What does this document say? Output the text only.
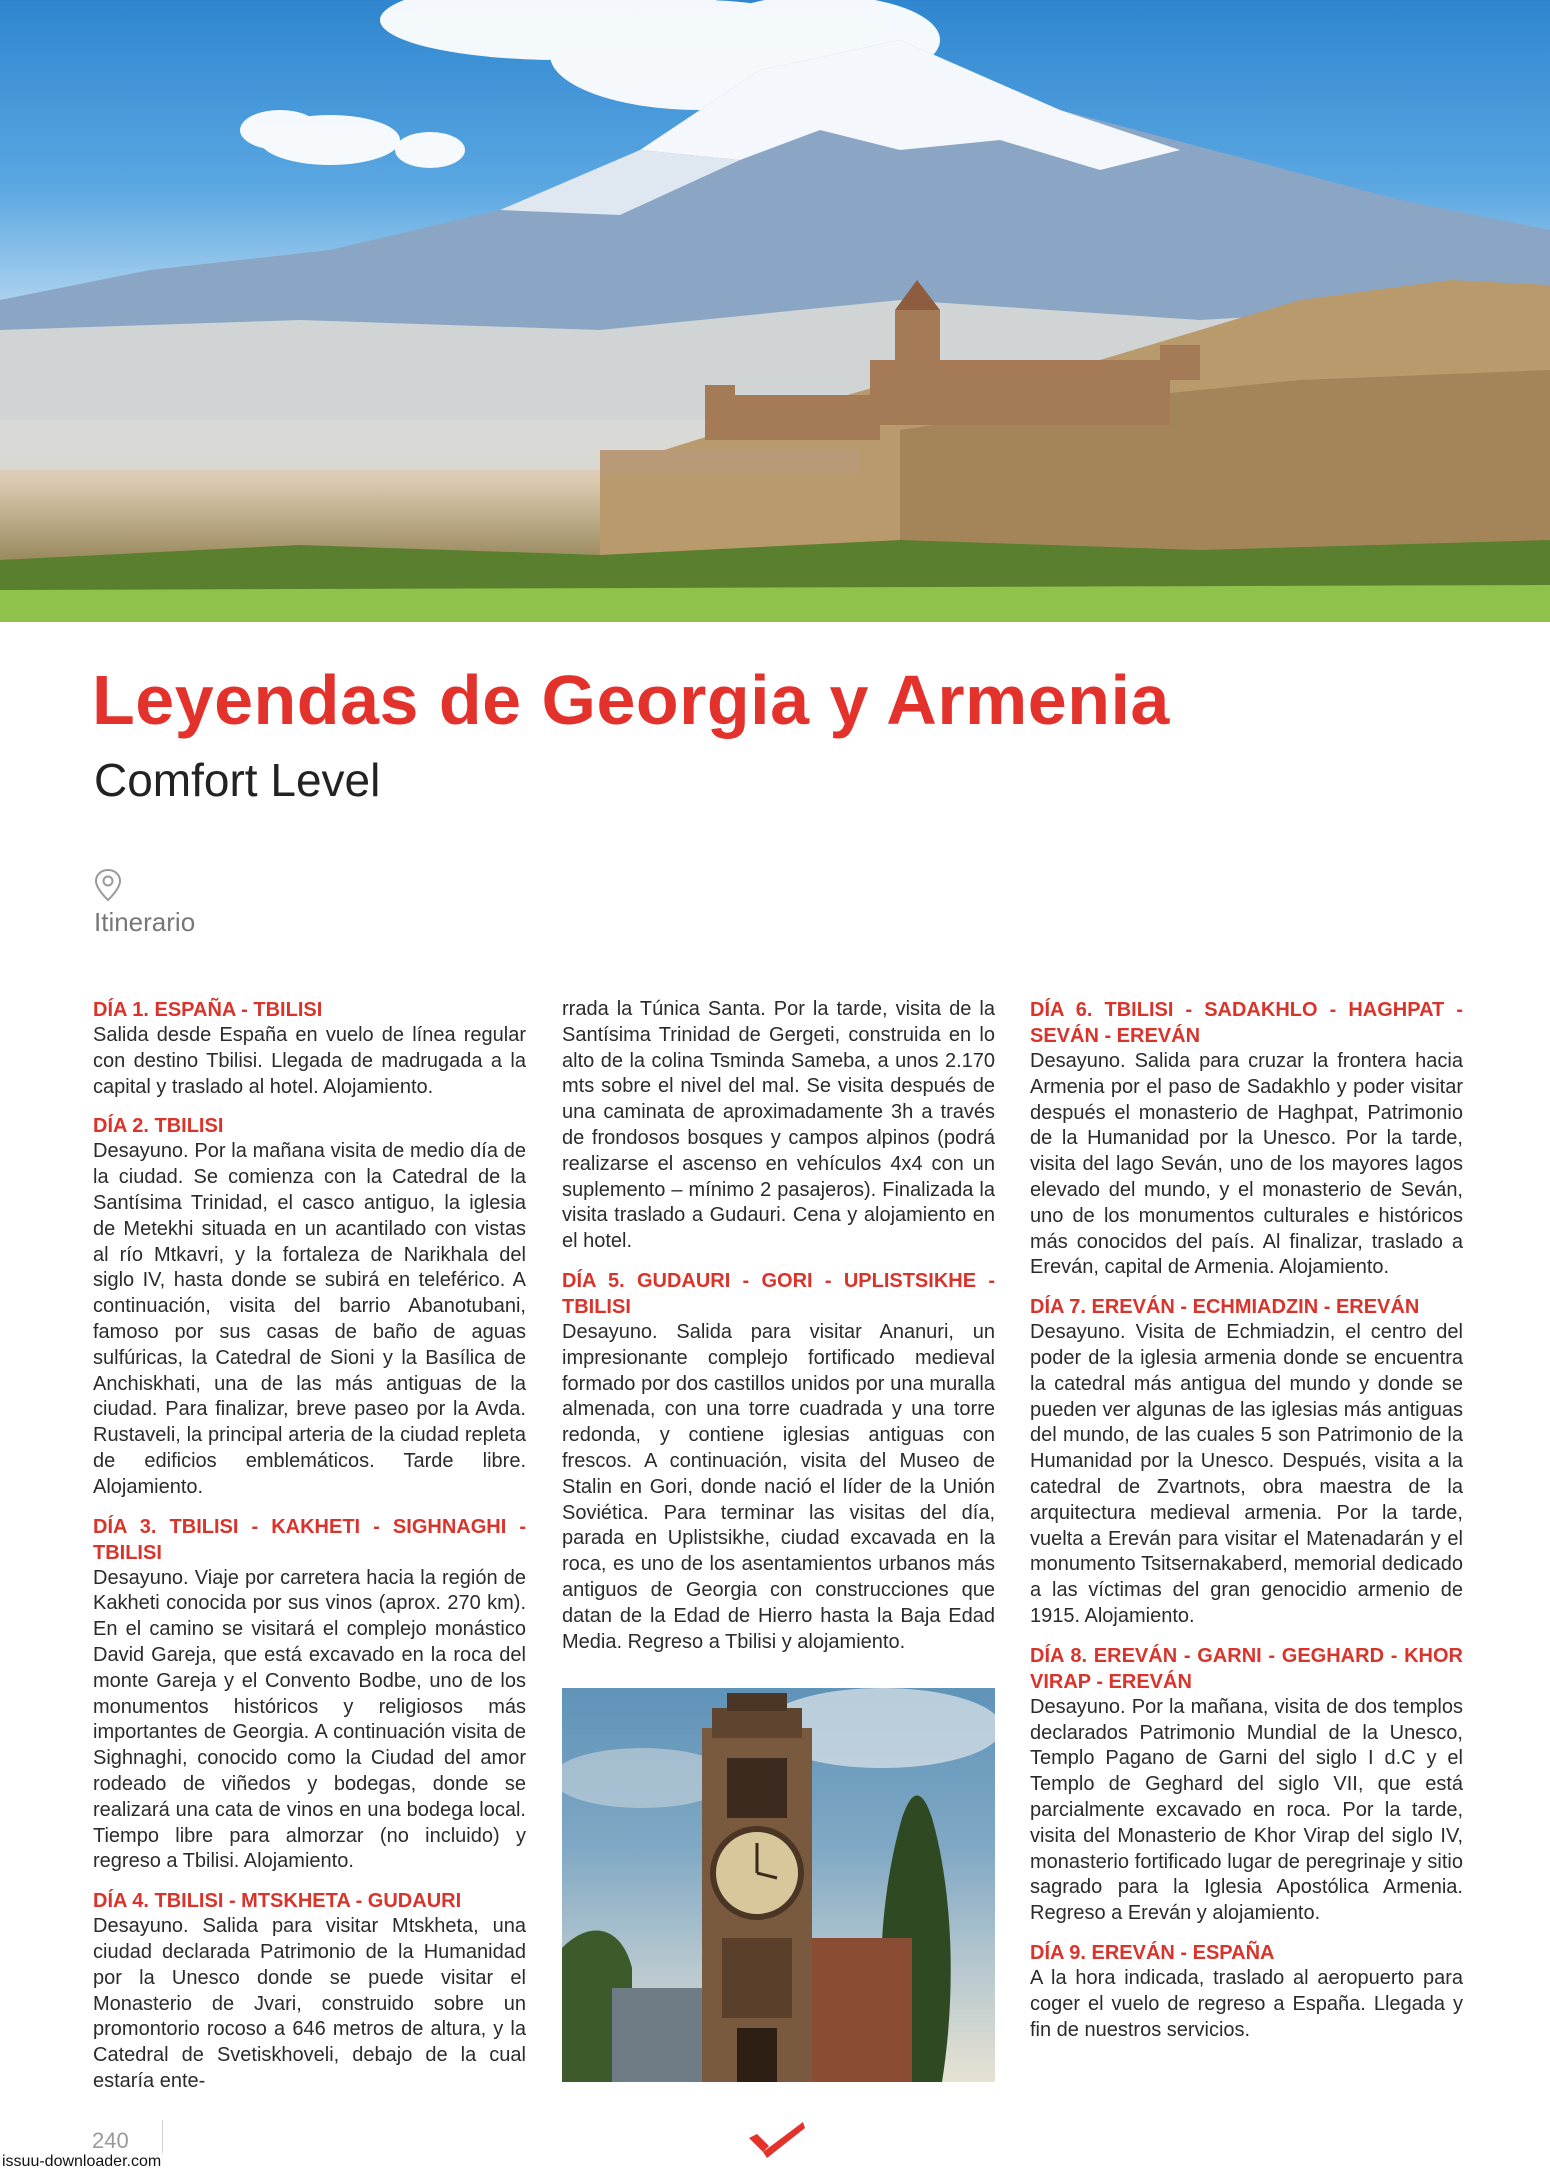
Leyendas de Georgia y Armenia
Comfort Level
Itinerario
DÍA 1. ESPAÑA - TBILISI
Salida desde España en vuelo de línea regular con destino Tbilisi. Llegada de madrugada a la capital y traslado al hotel. Alojamiento.
DÍA 2. TBILISI
Desayuno. Por la mañana visita de medio día de la ciudad. Se comienza con la Catedral de la Santísima Trinidad, el casco antiguo, la iglesia de Metekhi situada en un acantilado con vistas al río Mtkavri, y la fortaleza de Narikhala del siglo IV, hasta donde se subirá en teleférico. A continuación, visita del barrio Abanotubani, famoso por sus casas de baño de aguas sulfúricas, la Catedral de Sioni y la Basílica de Anchiskhati, una de las más antiguas de la ciudad. Para finalizar, breve paseo por la Avda. Rustaveli, la principal arteria de la ciudad repleta de edificios emblemáticos. Tarde libre. Alojamiento.
DÍA 3. TBILISI - KAKHETI - SIGHNAGHI - TBILISI
Desayuno. Viaje por carretera hacia la región de Kakheti conocida por sus vinos (aprox. 270 km). En el camino se visitará el complejo monástico David Gareja, que está excavado en la roca del monte Gareja y el Convento Bodbe, uno de los monumentos históricos y religiosos más importantes de Georgia. A continuación visita de Sighnaghi, conocido como la Ciudad del amor rodeado de viñedos y bodegas, donde se realizará una cata de vinos en una bodega local. Tiempo libre para almorzar (no incluido) y regreso a Tbilisi. Alojamiento.
DÍA 4. TBILISI - MTSKHETA - GUDAURI
Desayuno. Salida para visitar Mtskheta, una ciudad declarada Patrimonio de la Humanidad por la Unesco donde se puede visitar el Monasterio de Jvari, construido sobre un promontorio rocoso a 646 metros de altura, y la Catedral de Svetiskhoveli, debajo de la cual estaría ente-
rrada la Túnica Santa. Por la tarde, visita de la Santísima Trinidad de Gergeti, construida en lo alto de la colina Tsminda Sameba, a unos 2.170 mts sobre el nivel del mal. Se visita después de una caminata de aproximadamente 3h a través de frondosos bosques y campos alpinos (podrá realizarse el ascenso en vehículos 4x4 con un suplemento – mínimo 2 pasajeros). Finalizada la visita traslado a Gudauri. Cena y alojamiento en el hotel.
DÍA 5. GUDAURI - GORI - UPLISTSIKHE - TBILISI
Desayuno. Salida para visitar Ananuri, un impresionante complejo fortificado medieval formado por dos castillos unidos por una muralla almenada, con una torre cuadrada y una torre redonda, y contiene iglesias antiguas con frescos. A continuación, visita del Museo de Stalin en Gori, donde nació el líder de la Unión Soviética. Para terminar las visitas del día, parada en Uplistsikhe, ciudad excavada en la roca, es uno de los asentamientos urbanos más antiguos de Georgia con construcciones que datan de la Edad de Hierro hasta la Baja Edad Media. Regreso a Tbilisi y alojamiento.
DÍA 6. TBILISI - SADAKHLO - HAGHPAT - SEVÁN - EREVÁN
Desayuno. Salida para cruzar la frontera hacia Armenia por el paso de Sadakhlo y poder visitar después el monasterio de Haghpat, Patrimonio de la Humanidad por la Unesco. Por la tarde, visita del lago Seván, uno de los mayores lagos elevado del mundo, y el monasterio de Seván, uno de los monumentos culturales e históricos más conocidos del país. Al finalizar, traslado a Ereván, capital de Armenia. Alojamiento.
DÍA 7. EREVÁN - ECHMIADZIN - EREVÁN
Desayuno. Visita de Echmiadzin, el centro del poder de la iglesia armenia donde se encuentra la catedral más antigua del mundo y donde se pueden ver algunas de las iglesias más antiguas del mundo, de las cuales 5 son Patrimonio de la Humanidad por la Unesco. Después, visita a la catedral de Zvartnots, obra maestra de la arquitectura medieval armenia. Por la tarde, vuelta a Ereván para visitar el Matenadarán y el monumento Tsitsernakaberd, memorial dedicado a las víctimas del gran genocidio armenio de 1915. Alojamiento.
DÍA 8. EREVÁN - GARNI - GEGHARD - KHOR VIRAP - EREVÁN
Desayuno. Por la mañana, visita de dos templos declarados Patrimonio Mundial de la Unesco, Templo Pagano de Garni del siglo I d.C y el Templo de Geghard del siglo VII, que está parcialmente excavado en roca. Por la tarde, visita del Monasterio de Khor Virap del siglo IV, monasterio fortificado lugar de peregrinaje y sitio sagrado para la Iglesia Apostólica Armenia. Regreso a Ereván y alojamiento.
DÍA 9. EREVÁN - ESPAÑA
A la hora indicada, traslado al aeropuerto para coger el vuelo de regreso a España. Llegada y fin de nuestros servicios.
240
issuu-downloader.com
